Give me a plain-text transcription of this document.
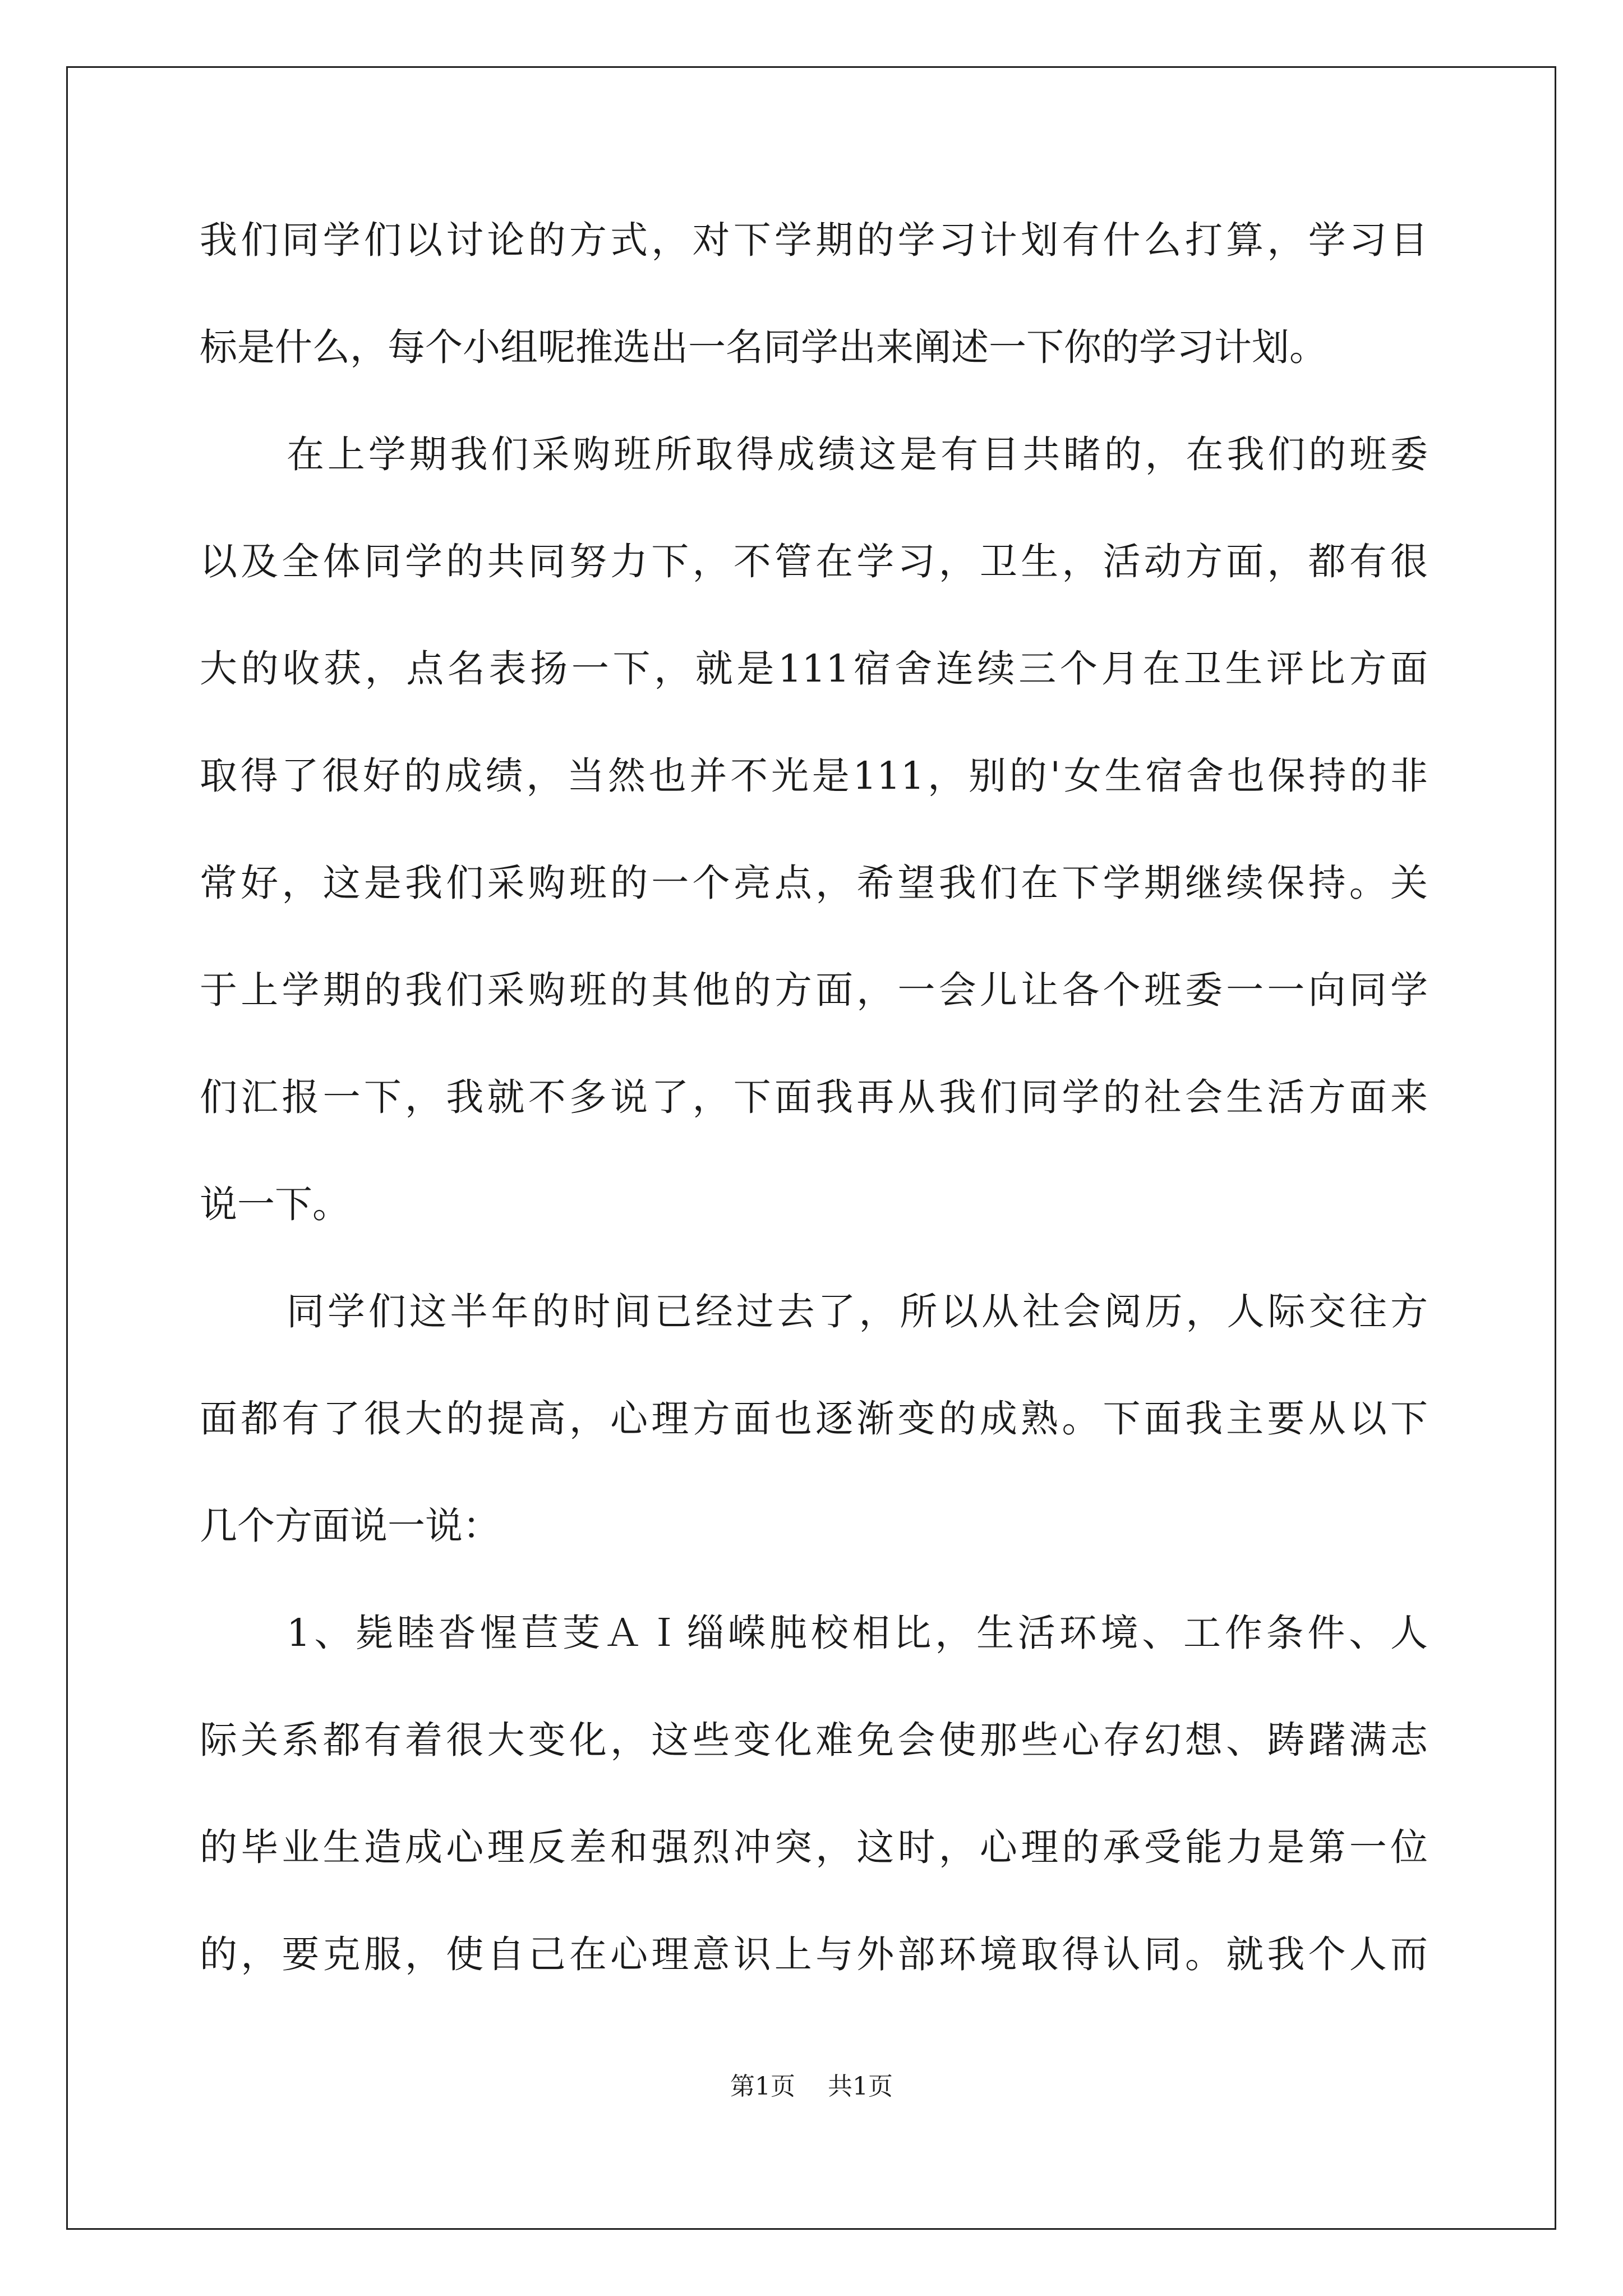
我们同学们以讨论的方式，对下学期的学习计划有什么打算，学习目
标是什么，每个小组呢推选出一名同学出来阐述一下你的学习计划。
在上学期我们采购班所取得成绩这是有目共睹的，在我们的班委
以及全体同学的共同努力下，不管在学习，卫生，活动方面，都有很
大的收获，点名表扬一下，就是111宿舍连续三个月在卫生评比方面
取得了很好的成绩，当然也并不光是111，别的'女生宿舍也保持的非
常好，这是我们采购班的一个亮点，希望我们在下学期继续保持。关
于上学期的我们采购班的其他的方面，一会儿让各个班委一一向同学
们汇报一下，我就不多说了，下面我再从我们同学的社会生活方面来
说一下。
同学们这半年的时间已经过去了，所以从社会阅历，人际交往方
面都有了很大的提高，心理方面也逐渐变的成熟。下面我主要从以下
几个方面说一说：
1、毙睦沓惺苣芰ＡＩ缁嵘肫校相比，生活环境、工作条件、人
际关系都有着很大变化，这些变化难免会使那些心存幻想、踌躇满志
的毕业生造成心理反差和强烈冲突，这时，心理的承受能力是第一位
的，要克服，使自己在心理意识上与外部环境取得认同。就我个人而
第1页 共1页
